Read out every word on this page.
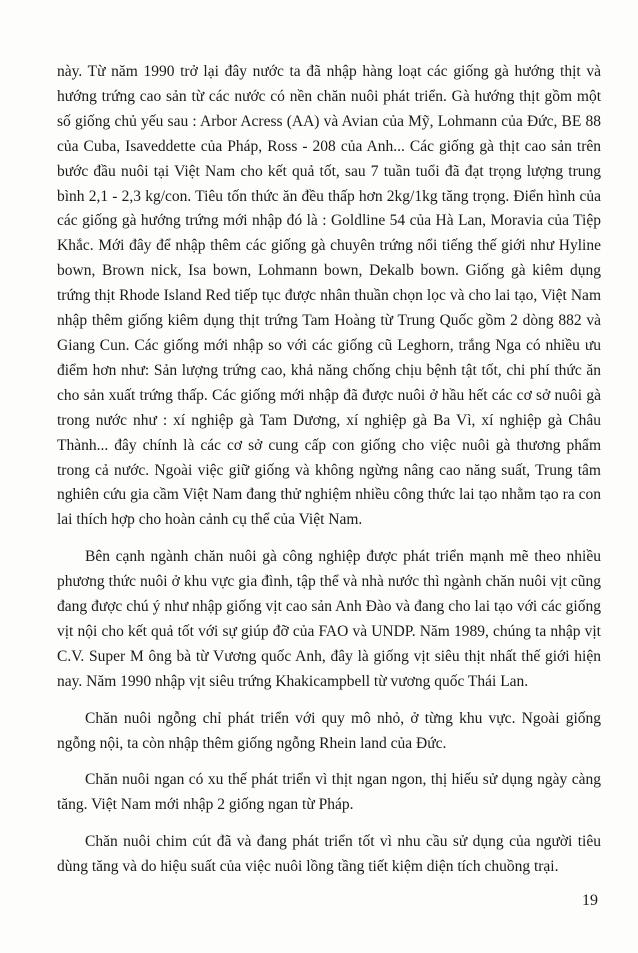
này. Từ năm 1990 trở lại đây nước ta đã nhập hàng loạt các giống gà hướng thịt và hướng trứng cao sản từ các nước có nền chăn nuôi phát triển. Gà hướng thịt gồm một số giống chủ yếu sau : Arbor Acress (AA) và Avian của Mỹ, Lohmann của Đức, BE 88 của Cuba, Isaveddette của Pháp, Ross - 208 của Anh... Các giống gà thịt cao sản trên bước đầu nuôi tại Việt Nam cho kết quả tốt, sau 7 tuần tuổi đã đạt trọng lượng trung bình 2,1 - 2,3 kg/con. Tiêu tốn thức ăn đều thấp hơn 2kg/1kg tăng trọng. Điển hình của các giống gà hướng trứng mới nhập đó là : Goldline 54 của Hà Lan, Moravia của Tiệp Khắc. Mới đây để nhập thêm các giống gà chuyên trứng nổi tiếng thế giới như Hyline bown, Brown nick, Isa bown, Lohmann bown, Dekalb bown. Giống gà kiêm dụng trứng thịt Rhode Island Red tiếp tục được nhân thuần chọn lọc và cho lai tạo, Việt Nam nhập thêm giống kiêm dụng thịt trứng Tam Hoàng từ Trung Quốc gồm 2 dòng 882 và Giang Cun. Các giống mới nhập so với các giống cũ Leghorn, trắng Nga có nhiều ưu điểm hơn như: Sản lượng trứng cao, khả năng chống chịu bệnh tật tốt, chi phí thức ăn cho sản xuất trứng thấp. Các giống mới nhập đã được nuôi ở hầu hết các cơ sở nuôi gà trong nước như : xí nghiệp gà Tam Dương, xí nghiệp gà Ba Vì, xí nghiệp gà Châu Thành... đây chính là các cơ sở cung cấp con giống cho việc nuôi gà thương phẩm trong cả nước. Ngoài việc giữ giống và không ngừng nâng cao năng suất, Trung tâm nghiên cứu gia cầm Việt Nam đang thử nghiệm nhiều công thức lai tạo nhằm tạo ra con lai thích hợp cho hoàn cảnh cụ thể của Việt Nam.

Bên cạnh ngành chăn nuôi gà công nghiệp được phát triển mạnh mẽ theo nhiều phương thức nuôi ở khu vực gia đình, tập thể và nhà nước thì ngành chăn nuôi vịt cũng đang được chú ý như nhập giống vịt cao sản Anh Đào và đang cho lai tạo với các giống vịt nội cho kết quả tốt với sự giúp đỡ của FAO và UNDP. Năm 1989, chúng ta nhập vịt C.V. Super M ông bà từ Vương quốc Anh, đây là giống vịt siêu thịt nhất thế giới hiện nay. Năm 1990 nhập vịt siêu trứng Khakicampbell từ vương quốc Thái Lan.

Chăn nuôi ngỗng chỉ phát triển với quy mô nhỏ, ở từng khu vực. Ngoài giống ngỗng nội, ta còn nhập thêm giống ngỗng Rhein land của Đức.

Chăn nuôi ngan có xu thế phát triển vì thịt ngan ngon, thị hiếu sử dụng ngày càng tăng. Việt Nam mới nhập 2 giống ngan từ Pháp.

Chăn nuôi chim cút đã và đang phát triển tốt vì nhu cầu sử dụng của người tiêu dùng tăng và do hiệu suất của việc nuôi lồng tầng tiết kiệm diện tích chuồng trại.

19
